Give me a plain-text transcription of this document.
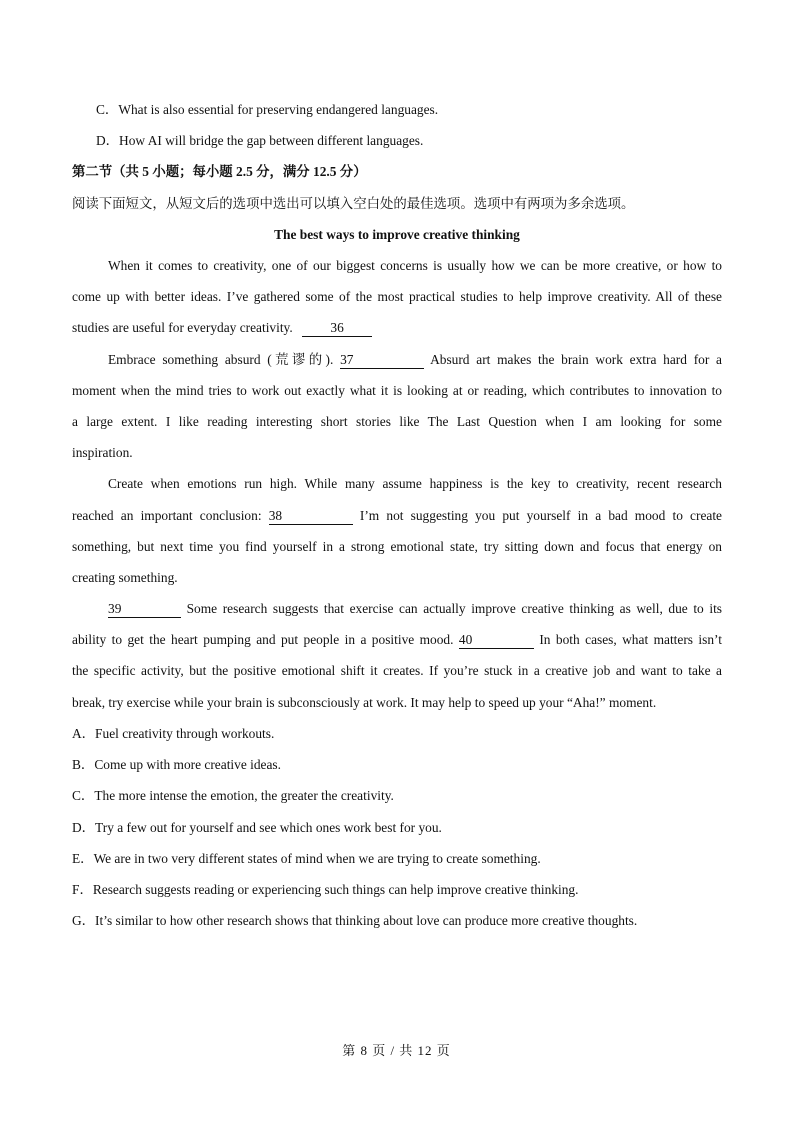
C．What is also essential for preserving endangered languages.
D．How AI will bridge the gap between different languages.
第二节（共 5 小题；每小题 2.5 分，满分 12.5 分）
阅读下面短文，从短文后的选项中选出可以填入空白处的最佳选项。选项中有两项为多余选项。
The best ways to improve creative thinking
When it comes to creativity, one of our biggest concerns is usually how we can be more creative, or how to
come up with better ideas. I’ve gathered some of the most practical studies to help improve creativity. All of these
studies are useful for everyday creativity.	36
Embrace something absurd (荒谬的). 37	Absurd art makes the brain work extra hard for a
moment when the mind tries to work out exactly what it is looking at or reading, which contributes to innovation to
a large extent. I like reading interesting short stories like The Last Question when I am looking for some
inspiration.
Create when emotions run high. While many assume happiness is the key to creativity, recent research
reached an important conclusion: 38	I’m not suggesting you put yourself in a bad mood to create
something, but next time you find yourself in a strong emotional state, try sitting down and focus that energy on
creating something.
39	Some research suggests that exercise can actually improve creative thinking as well, due to its
ability to get the heart pumping and put people in a positive mood. 40	In both cases, what matters isn’t
the specific activity, but the positive emotional shift it creates. If you’re stuck in a creative job and want to take a
break, try exercise while your brain is subconsciously at work. It may help to speed up your “Aha!” moment.
A．Fuel creativity through workouts.
B．Come up with more creative ideas.
C．The more intense the emotion, the greater the creativity.
D．Try a few out for yourself and see which ones work best for you.
E．We are in two very different states of mind when we are trying to create something.
F．Research suggests reading or experiencing such things can help improve creative thinking.
G．It’s similar to how other research shows that thinking about love can produce more creative thoughts.
第 8 页 / 共 12 页
